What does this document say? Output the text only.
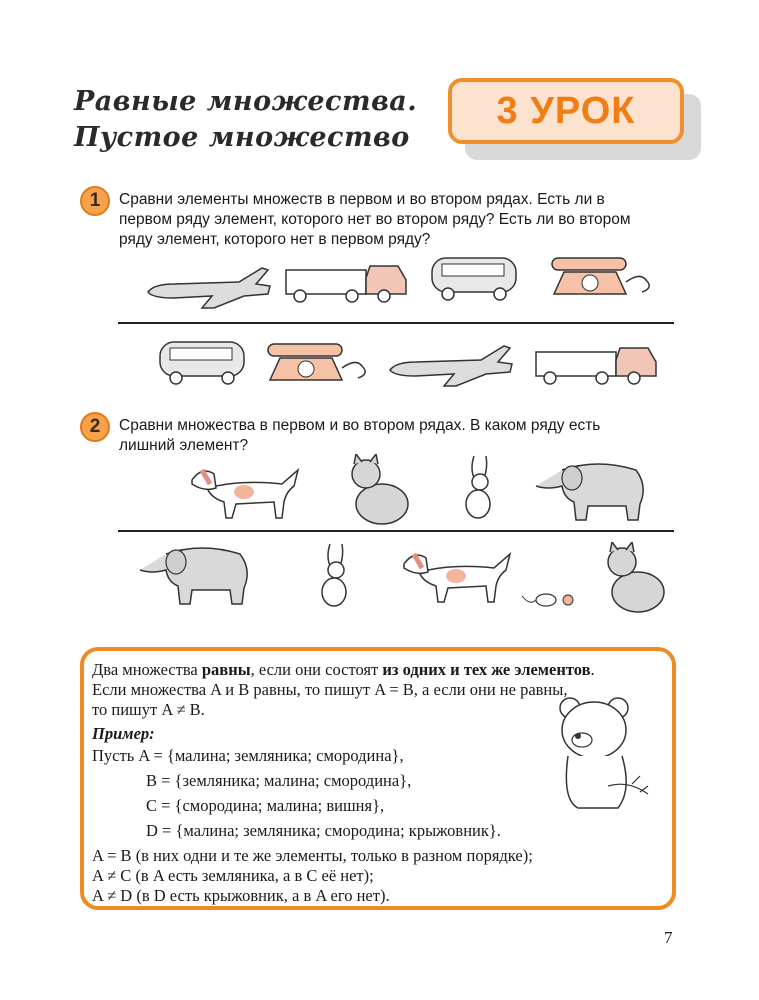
Равные множества.
Пустое множество
3 УРОК
1	Сравни элементы множеств в первом и во втором рядах. Есть ли в
первом ряду элемент, которого нет во втором ряду? Есть ли во втором
ряду элемент, которого нет в первом ряду?
2	Сравни множества в первом и во втором рядах. В каком ряду есть
лишний элемент?
Два множества равны, если они состоят из одних и тех же элементов.
Если множества A и B равны, то пишут A = B, а если они не равны,
то пишут A ≠ B.
Пример:
Пусть A = {малина; земляника; смородина},
B = {земляника; малина; смородина},
C = {смородина; малина; вишня},
D = {малина; земляника; смородина; крыжовник}.
A = B (в них одни и те же элементы, только в разном порядке);
A ≠ C (в A есть земляника, а в C её нет);
A ≠ D (в D есть крыжовник, а в A его нет).
7
